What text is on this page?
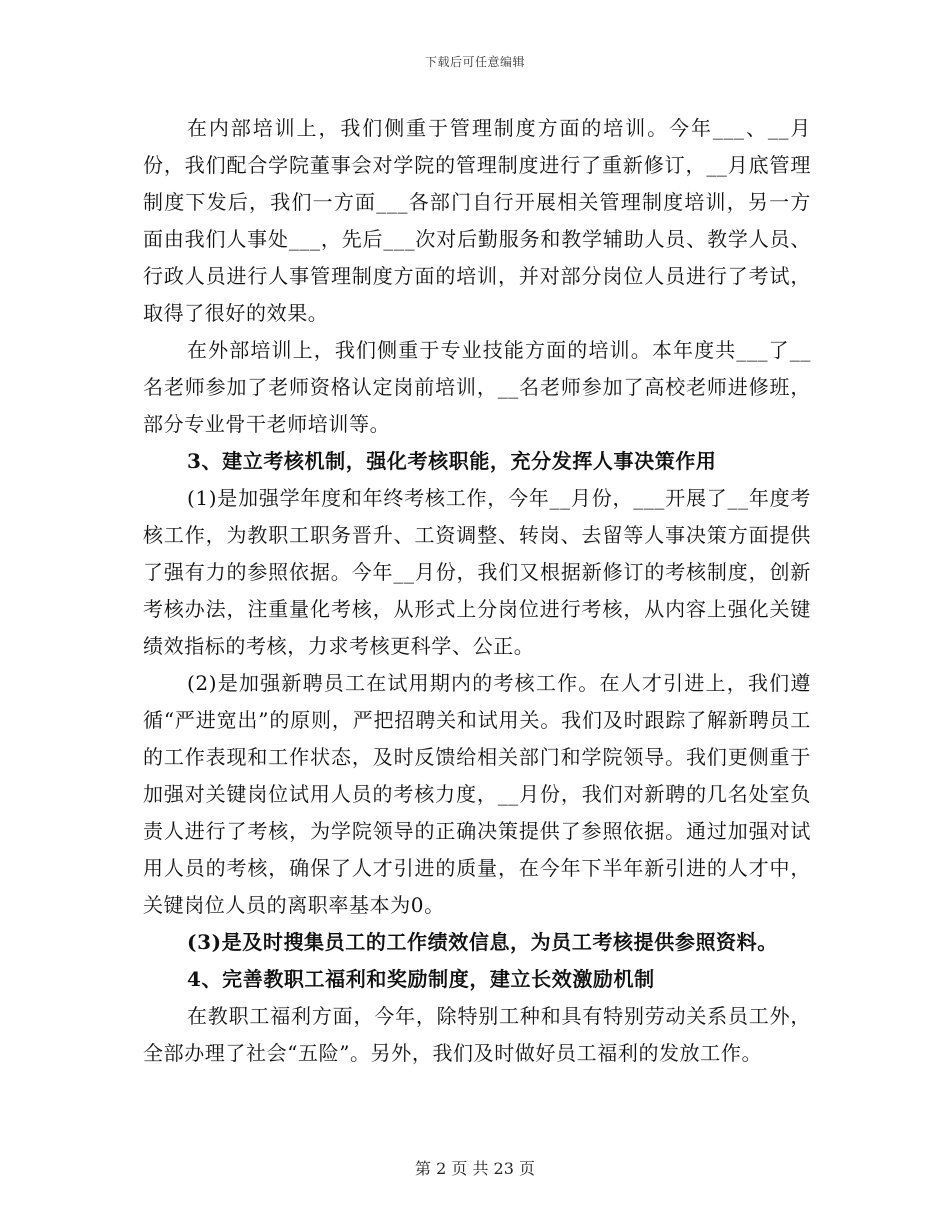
下载后可任意编辑

在内部培训上，我们侧重于管理制度方面的培训。今年___、__月份，我们配合学院董事会对学院的管理制度进行了重新修订，__月底管理制度下发后，我们一方面___各部门自行开展相关管理制度培训，另一方面由我们人事处___，先后___次对后勤服务和教学辅助人员、教学人员、行政人员进行人事管理制度方面的培训，并对部分岗位人员进行了考试，取得了很好的效果。

在外部培训上，我们侧重于专业技能方面的培训。本年度共___了__名老师参加了老师资格认定岗前培训，__名老师参加了高校老师进修班，部分专业骨干老师培训等。

3、建立考核机制，强化考核职能，充分发挥人事决策作用

(1)是加强学年度和年终考核工作，今年__月份，___开展了__年度考核工作，为教职工职务晋升、工资调整、转岗、去留等人事决策方面提供了强有力的参照依据。今年__月份，我们又根据新修订的考核制度，创新考核办法，注重量化考核，从形式上分岗位进行考核，从内容上强化关键绩效指标的考核，力求考核更科学、公正。

(2)是加强新聘员工在试用期内的考核工作。在人才引进上，我们遵循“严进宽出”的原则，严把招聘关和试用关。我们及时跟踪了解新聘员工的工作表现和工作状态，及时反馈给相关部门和学院领导。我们更侧重于加强对关键岗位试用人员的考核力度，__月份，我们对新聘的几名处室负责人进行了考核，为学院领导的正确决策提供了参照依据。通过加强对试用人员的考核，确保了人才引进的质量，在今年下半年新引进的人才中，关键岗位人员的离职率基本为0。

(3)是及时搜集员工的工作绩效信息，为员工考核提供参照资料。

4、完善教职工福利和奖励制度，建立长效激励机制

在教职工福利方面，今年，除特别工种和具有特别劳动关系员工外，全部办理了社会“五险”。另外，我们及时做好员工福利的发放工作。

第 2 页 共 23 页
